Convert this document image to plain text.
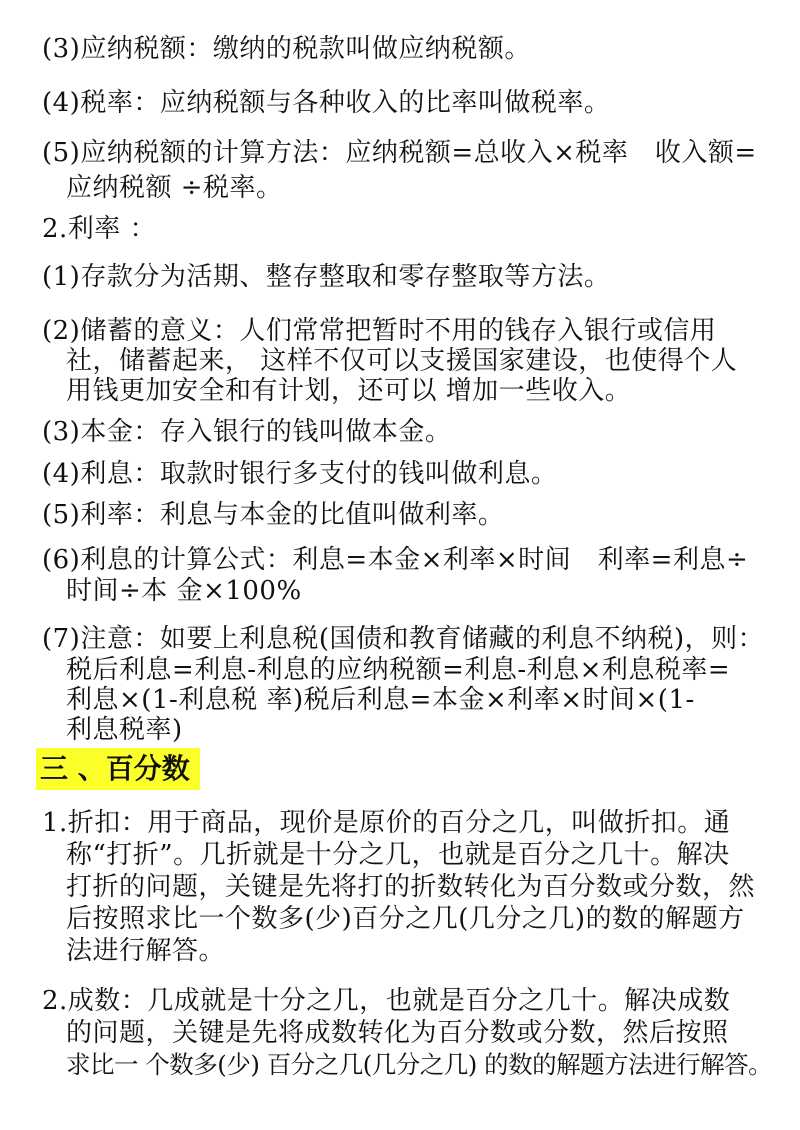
(3)应纳税额：缴纳的税款叫做应纳税额。
(4)税率：应纳税额与各种收入的比率叫做税率。
(5)应纳税额的计算方法：应纳税额=总收入×税率　收入额=
应纳税额 ÷税率。
2.利率 ：
(1)存款分为活期、整存整取和零存整取等方法。
(2)储蓄的意义：人们常常把暂时不用的钱存入银行或信用
社，储蓄起来， 这样不仅可以支援国家建设，也使得个人
用钱更加安全和有计划，还可以 增加一些收入。
(3)本金：存入银行的钱叫做本金。
(4)利息：取款时银行多支付的钱叫做利息。
(5)利率：利息与本金的比值叫做利率。
(6)利息的计算公式：利息=本金×利率×时间　利率=利息÷
时间÷本 金×100%
(7)注意：如要上利息税(国债和教育储藏的利息不纳税)，则：
税后利息=利息-利息的应纳税额=利息-利息×利息税率=
利息×(1-利息税 率)税后利息=本金×利率×时间×(1-
利息税率)
三 、百分数
1.折扣：用于商品，现价是原价的百分之几，叫做折扣。通
称“打折”。几折就是十分之几，也就是百分之几十。解决
打折的问题，关键是先将打的折数转化为百分数或分数，然
后按照求比一个数多(少)百分之几(几分之几)的数的解题方
法进行解答。
2.成数：几成就是十分之几，也就是百分之几十。解决成数
的问题，关键是先将成数转化为百分数或分数，然后按照
求比一 个数多(少) 百分之几(几分之几) 的数的解题方法进行解答。
